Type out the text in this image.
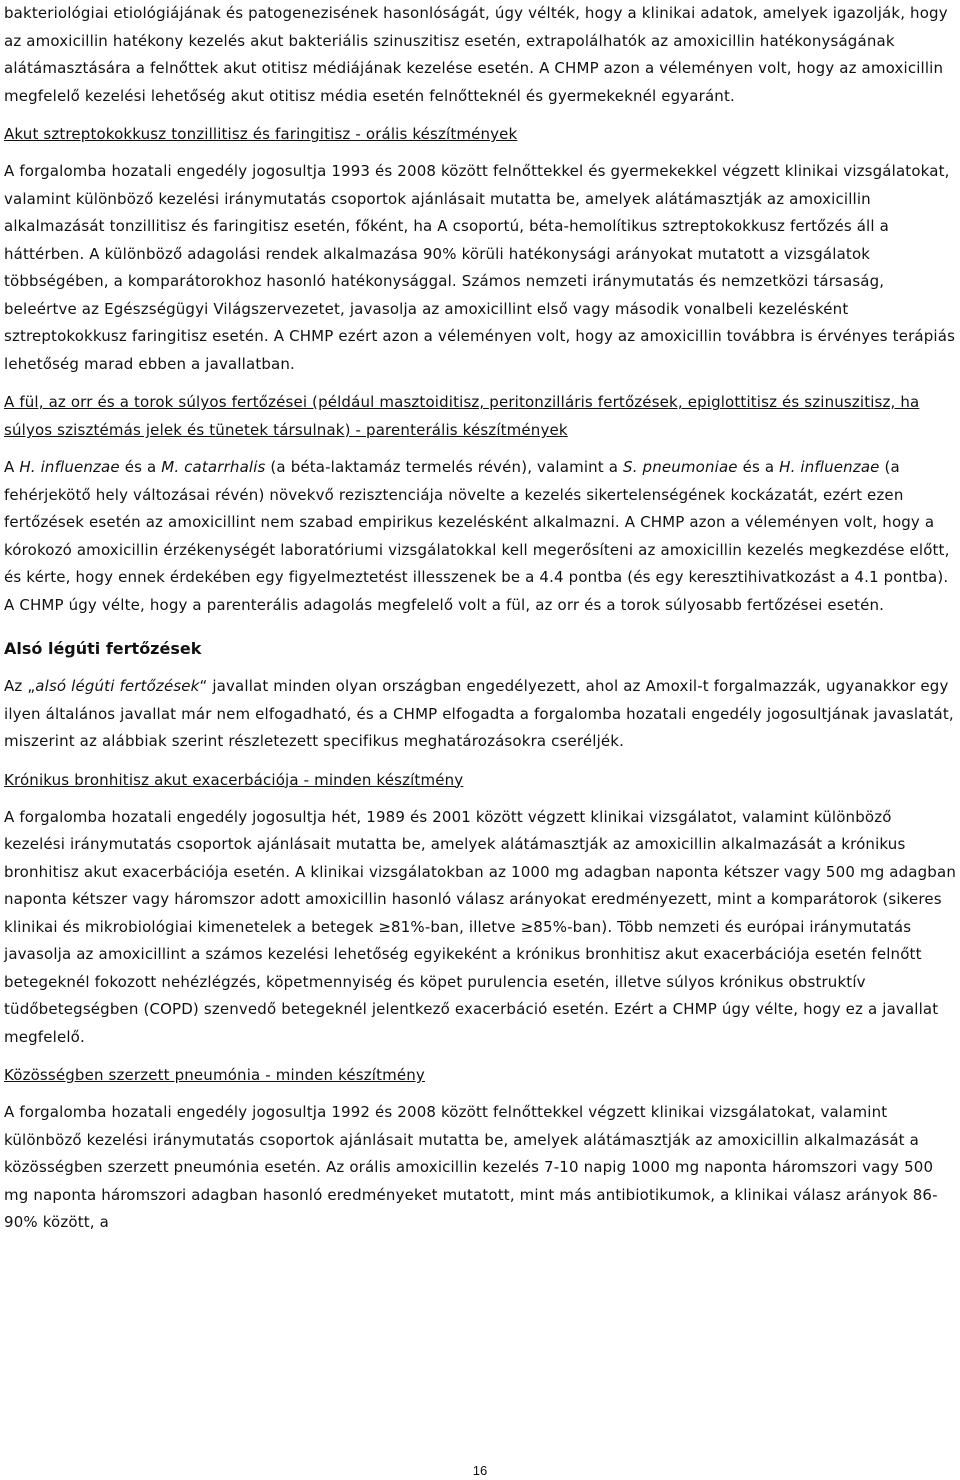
bakteriológiai etiológiájának és patogenezisének hasonlóságát, úgy vélték, hogy a klinikai adatok, amelyek igazolják, hogy az amoxicillin hatékony kezelés akut bakteriális szinuszitisz esetén, extrapolálhatók az amoxicillin hatékonyságának alátámasztására a felnőttek akut otitisz médiájának kezelése esetén. A CHMP azon a véleményen volt, hogy az amoxicillin megfelelő kezelési lehetőség akut otitisz média esetén felnőtteknél és gyermekeknél egyaránt.

Akut sztreptokokkusz tonzillitisz és faringitisz - orális készítmények

A forgalomba hozatali engedély jogosultja 1993 és 2008 között felnőttekkel és gyermekekkel végzett klinikai vizsgálatokat, valamint különböző kezelési iránymutatás csoportok ajánlásait mutatta be, amelyek alátámasztják az amoxicillin alkalmazását tonzillitisz és faringitisz esetén, főként, ha A csoportú, béta-hemolítikus sztreptokokkusz fertőzés áll a háttérben. A különböző adagolási rendek alkalmazása 90% körüli hatékonysági arányokat mutatott a vizsgálatok többségében, a komparátorokhoz hasonló hatékonysággal. Számos nemzeti iránymutatás és nemzetközi társaság, beleértve az Egészségügyi Világszervezetet, javasolja az amoxicillint első vagy második vonalbeli kezelésként sztreptokokkusz faringitisz esetén. A CHMP ezért azon a véleményen volt, hogy az amoxicillin továbbra is érvényes terápiás lehetőség marad ebben a javallatban.

A fül, az orr és a torok súlyos fertőzései (például masztoiditisz, peritonzilláris fertőzések, epiglottitisz és szinuszitisz, ha súlyos szisztémás jelek és tünetek társulnak) - parenterális készítmények

A H. influenzae és a M. catarrhalis (a béta-laktamáz termelés révén), valamint a S. pneumoniae és a H. influenzae (a fehérjekötő hely változásai révén) növekvő rezisztenciája növelte a kezelés sikertelenségének kockázatát, ezért ezen fertőzések esetén az amoxicillint nem szabad empirikus kezelésként alkalmazni. A CHMP azon a véleményen volt, hogy a kórokozó amoxicillin érzékenységét laboratóriumi vizsgálatokkal kell megerősíteni az amoxicillin kezelés megkezdése előtt, és kérte, hogy ennek érdekében egy figyelmeztetést illesszenek be a 4.4 pontba (és egy keresztihivatkozást a 4.1 pontba). A CHMP úgy vélte, hogy a parenterális adagolás megfelelő volt a fül, az orr és a torok súlyosabb fertőzései esetén.

Alsó légúti fertőzések

Az „alsó légúti fertőzések“ javallat minden olyan országban engedélyezett, ahol az Amoxil-t forgalmazzák, ugyanakkor egy ilyen általános javallat már nem elfogadható, és a CHMP elfogadta a forgalomba hozatali engedély jogosultjának javaslatát, miszerint az alábbiak szerint részletezett specifikus meghatározásokra cseréljék.

Krónikus bronhitisz akut exacerbációja - minden készítmény

A forgalomba hozatali engedély jogosultja hét, 1989 és 2001 között végzett klinikai vizsgálatot, valamint különböző kezelési iránymutatás csoportok ajánlásait mutatta be, amelyek alátámasztják az amoxicillin alkalmazását a krónikus bronhitisz akut exacerbációja esetén. A klinikai vizsgálatokban az 1000 mg adagban naponta kétszer vagy 500 mg adagban naponta kétszer vagy háromszor adott amoxicillin hasonló válasz arányokat eredményezett, mint a komparátorok (sikeres klinikai és mikrobiológiai kimenetelek a betegek ≥81%-ban, illetve ≥85%-ban). Több nemzeti és európai iránymutatás javasolja az amoxicillint a számos kezelési lehetőség egyikeként a krónikus bronhitisz akut exacerbációja esetén felnőtt betegeknél fokozott nehézlégzés, köpetmennyiség és köpet purulencia esetén, illetve súlyos krónikus obstruktív tüdőbetegségben (COPD) szenvedő betegeknél jelentkező exacerbáció esetén. Ezért a CHMP úgy vélte, hogy ez a javallat megfelelő.

Közösségben szerzett pneumónia - minden készítmény

A forgalomba hozatali engedély jogosultja 1992 és 2008 között felnőttekkel végzett klinikai vizsgálatokat, valamint különböző kezelési iránymutatás csoportok ajánlásait mutatta be, amelyek alátámasztják az amoxicillin alkalmazását a közösségben szerzett pneumónia esetén. Az orális amoxicillin kezelés 7-10 napig 1000 mg naponta háromszori vagy 500 mg naponta háromszori adagban hasonló eredményeket mutatott, mint más antibiotikumok, a klinikai válasz arányok 86-90% között, a

16
